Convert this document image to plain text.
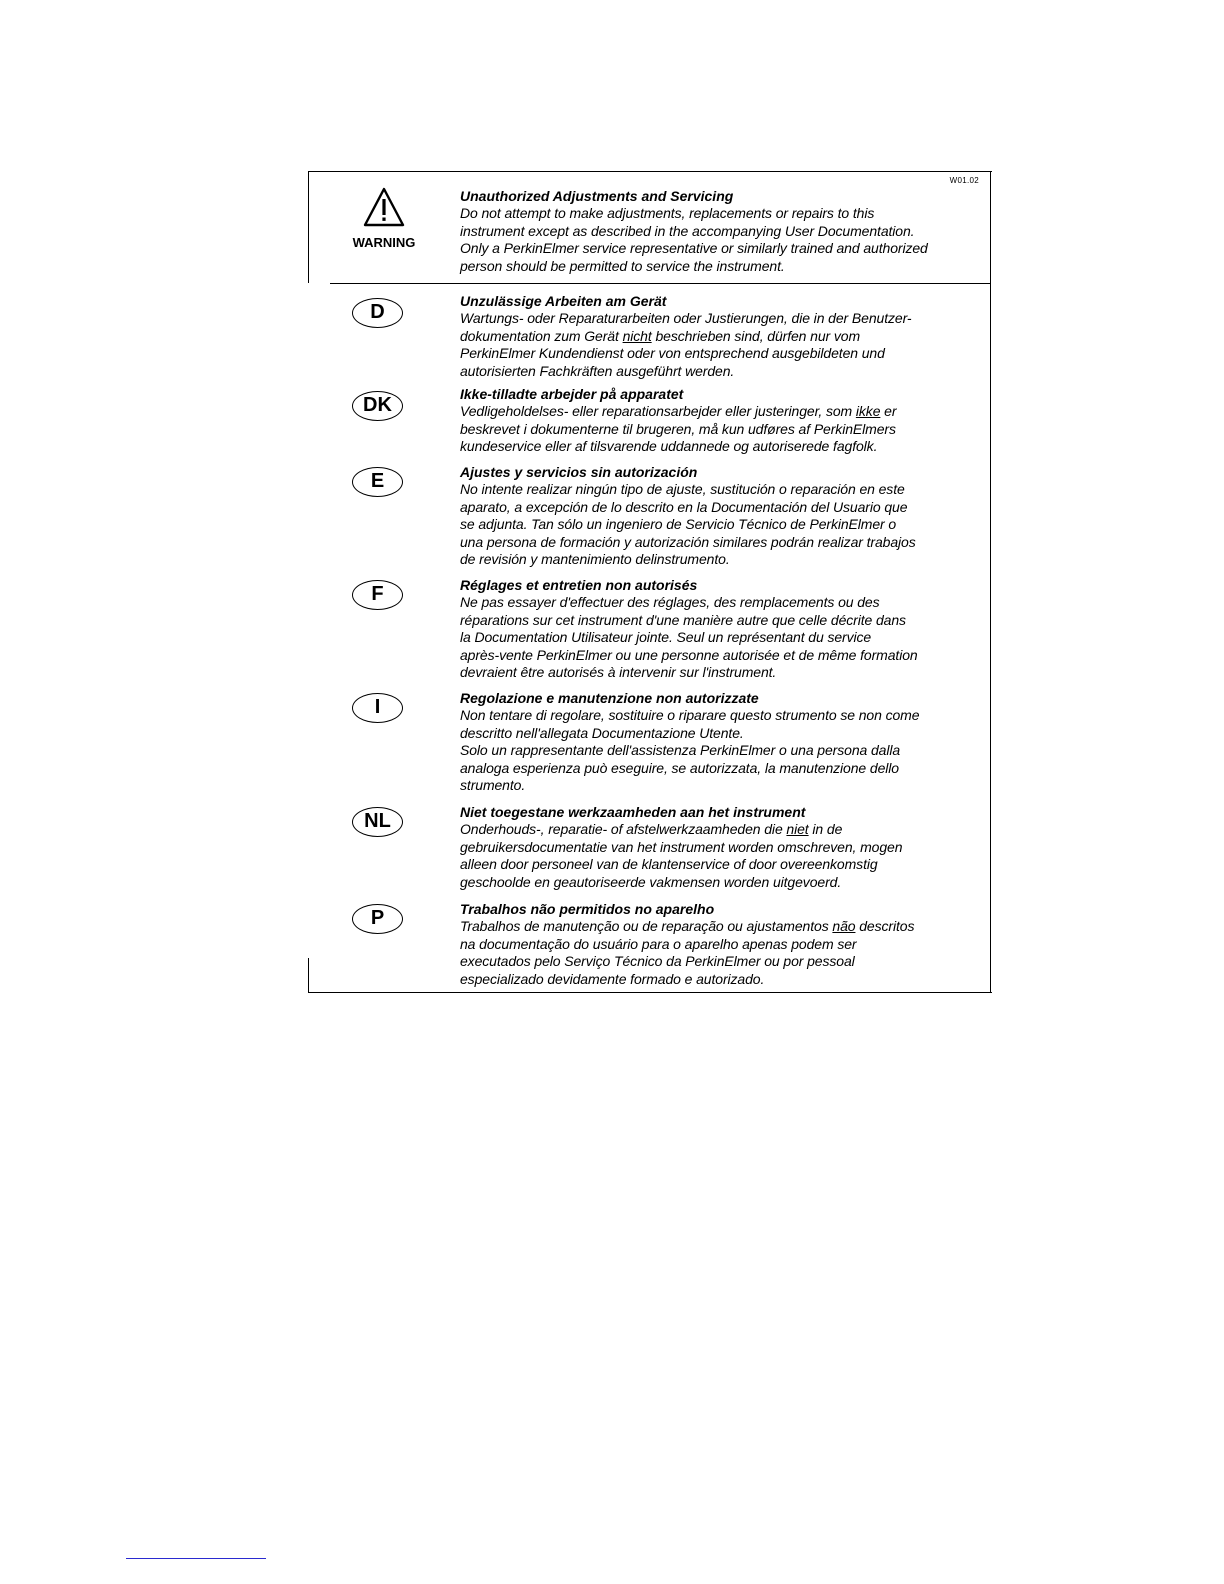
W01.02
WARNING

Unauthorized Adjustments and Servicing

Do not attempt to make adjustments, replacements or repairs to this

instrument except as described in the accompanying User Documentation.

Only a PerkinElmer service representative or similarly trained and authorized

person should be permitted to service the instrument.

D	Unzulässige Arbeiten am Gerät

Wartungs- oder Reparaturarbeiten oder Justierungen, die in der Benutzer-

dokumentation zum Gerät nicht beschrieben sind, dürfen nur vom

PerkinElmer Kundendienst oder von entsprechend ausgebildeten und

autorisierten Fachkräften ausgeführt werden.

DK	Ikke-tilladte arbejder på apparatet

Vedligeholdelses- eller reparationsarbejder eller justeringer, som ikke er

beskrevet i dokumenterne til brugeren, må kun udføres af PerkinElmers

kundeservice eller af tilsvarende uddannede og autoriserede fagfolk.

E	Ajustes y servicios sin autorización

No intente realizar ningún tipo de ajuste, sustitución o reparación en este

aparato, a excepción de lo descrito en la Documentación del Usuario que

se adjunta. Tan sólo un ingeniero de Servicio Técnico de PerkinElmer o

una persona de formación y autorización similares podrán realizar trabajos

de revisión y mantenimiento delinstrumento.

F	Réglages et entretien non autorisés

Ne pas essayer d'effectuer des réglages, des remplacements ou des

réparations sur cet instrument d'une manière autre que celle décrite dans

la Documentation Utilisateur jointe. Seul un représentant du service

après-vente PerkinElmer ou une personne autorisée et de même formation

devraient être autorisés à intervenir sur l'instrument.

I	Regolazione e manutenzione non autorizzate

Non tentare di regolare, sostituire o riparare questo strumento se non come

descritto nell'allegata Documentazione Utente.

Solo un rappresentante dell'assistenza PerkinElmer o una persona dalla

analoga esperienza può eseguire, se autorizzata, la manutenzione dello

strumento.

NL	Niet toegestane werkzaamheden aan het instrument

Onderhouds-, reparatie- of afstelwerkzaamheden die niet in de

gebruikersdocumentatie van het instrument worden omschreven, mogen

alleen door personeel van de klantenservice of door overeenkomstig

geschoolde en geautoriseerde vakmensen worden uitgevoerd.

P	Trabalhos não permitidos no aparelho

Trabalhos de manutenção ou de reparação ou ajustamentos não descritos

na documentação do usuário para o aparelho apenas podem ser

executados pelo Serviço Técnico da PerkinElmer ou por pessoal

especializado devidamente formado e autorizado.
